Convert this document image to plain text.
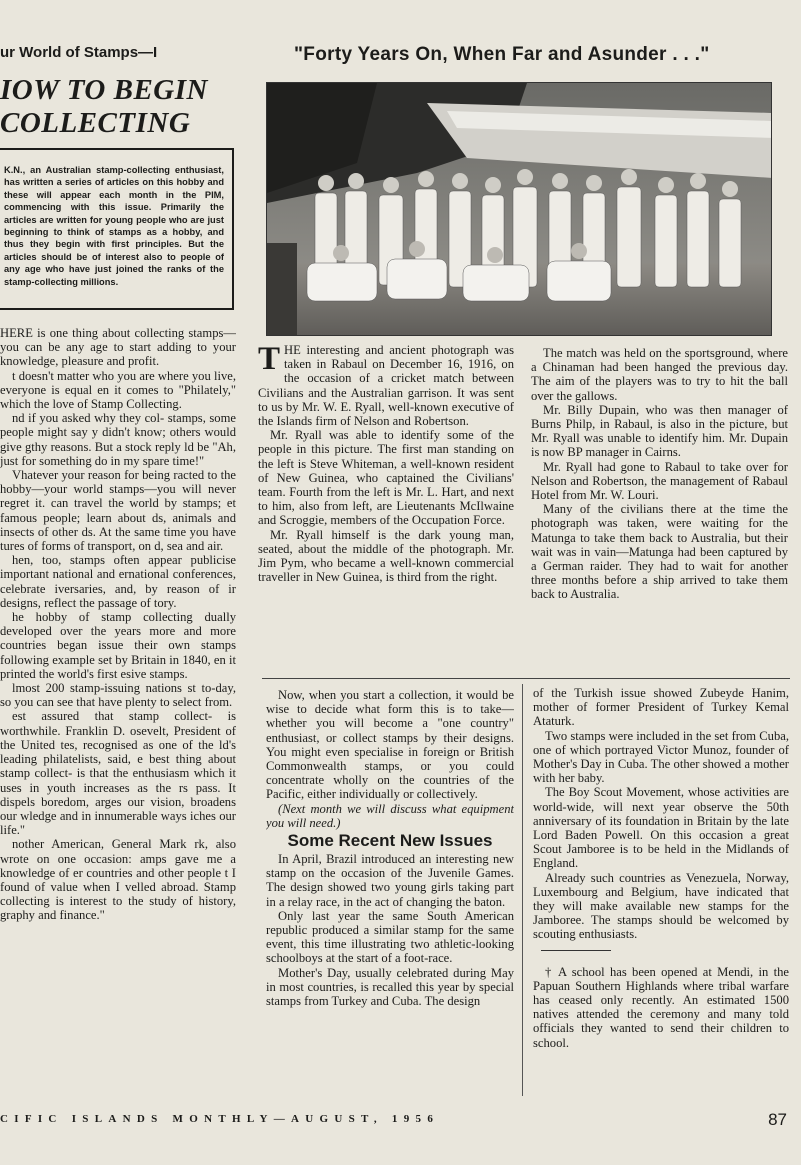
ur World of Stamps—I	"Forty Years On, When Far and Asunder . . ."
IOW TO BEGIN
COLLECTING
K.N., an Australian stamp-collecting enthusiast, has written a series of articles on this hobby and these will appear each month in the PIM, commencing with this issue. Primarily the articles are written for young people who are just beginning to think of stamps as a hobby, and thus they begin with first principles. But the articles should be of interest also to people of any age who have just joined the ranks of the stamp-collecting millions.

HERE is one thing about collecting stamps—you can be any age to start adding to your knowledge, pleasure and profit.

t doesn't matter who you are where you live, everyone is equal en it comes to "Philately," which the love of Stamp Collecting.

nd if you asked why they col- stamps, some people might say y didn't know; others would give gthy reasons. But a stock reply ld be "Ah, just for something do in my spare time!"

Vhatever your reason for being racted to the hobby—your world stamps—you will never regret it. can travel the world by stamps; et famous people; learn about ds, animals and insects of other ds. At the same time you have tures of forms of transport, on d, sea and air.

hen, too, stamps often appear publicise important national and ernational conferences, celebrate iversaries, and, by reason of ir designs, reflect the passage of tory.

he hobby of stamp collecting dually developed over the years more and more countries began issue their own stamps following example set by Britain in 1840, en it printed the world's first esive stamps.

lmost 200 stamp-issuing nations st to-day, so you can see that have plenty to select from.

est assured that stamp collect- is worthwhile. Franklin D. osevelt, President of the United tes, recognised as one of the ld's leading philatelists, said, e best thing about stamp collect- is that the enthusiasm which it uses in youth increases as the rs pass. It dispels boredom, arges our vision, broadens our wledge and in innumerable ways iches our life."

nother American, General Mark rk, also wrote on one occasion: amps gave me a knowledge of er countries and other people t I found of value when I velled abroad. Stamp collecting is interest to the study of history, graphy and finance."

T HE interesting and ancient photograph was taken in Rabaul on December 16, 1916, on the occasion of a cricket match between Civilians and the Australian garrison. It was sent to us by Mr. W. E. Ryall, well-known executive of the Islands firm of Nelson and Robertson.

Mr. Ryall was able to identify some of the people in this picture. The first man standing on the left is Steve Whiteman, a well-known resident of New Guinea, who captained the Civilians' team. Fourth from the left is Mr. L. Hart, and next to him, also from left, are Lieutenants McIlwaine and Scroggie, members of the Occupation Force.

Mr. Ryall himself is the dark young man, seated, about the middle of the photograph. Mr. Jim Pym, who became a well-known commercial traveller in New Guinea, is third from the right.

The match was held on the sportsground, where a Chinaman had been hanged the previous day. The aim of the players was to try to hit the ball over the gallows.

Mr. Billy Dupain, who was then manager of Burns Philp, in Rabaul, is also in the picture, but Mr. Ryall was unable to identify him. Mr. Dupain is now BP manager in Cairns.

Mr. Ryall had gone to Rabaul to take over for Nelson and Robertson, the management of Rabaul Hotel from Mr. W. Louri.

Many of the civilians there at the time the photograph was taken, were waiting for the Matunga to take them back to Australia, but their wait was in vain—Matunga had been captured by a German raider. They had to wait for another three months before a ship arrived to take them back to Australia.

Now, when you start a collection, it would be wise to decide what form this is to take—whether you will become a "one country" enthusiast, or collect stamps by their designs. You might even specialise in foreign or British Commonwealth stamps, or you could concentrate wholly on the countries of the Pacific, either individually or collectively.

(Next month we will discuss what equipment you will need.)

Some Recent New Issues

In April, Brazil introduced an interesting new stamp on the occasion of the Juvenile Games. The design showed two young girls taking part in a relay race, in the act of changing the baton.

Only last year the same South American republic produced a similar stamp for the same event, this time illustrating two athletic-looking schoolboys at the start of a foot-race.

Mother's Day, usually celebrated during May in most countries, is recalled this year by special stamps from Turkey and Cuba. The design

of the Turkish issue showed Zubeyde Hanim, mother of former President of Turkey Kemal Ataturk.

Two stamps were included in the set from Cuba, one of which portrayed Victor Munoz, founder of Mother's Day in Cuba. The other showed a mother with her baby.

The Boy Scout Movement, whose activities are world-wide, will next year observe the 50th anniversary of its foundation in Britain by the late Lord Baden Powell. On this occasion a great Scout Jamboree is to be held in the Midlands of England.

Already such countries as Venezuela, Norway, Luxembourg and Belgium, have indicated that they will make available new stamps for the Jamboree. The stamps should be welcomed by scouting enthusiasts.

† A school has been opened at Mendi, in the Papuan Southern Highlands where tribal warfare has ceased only recently. An estimated 1500 natives attended the ceremony and many told officials they wanted to send their children to school.

CIFIC ISLANDS MONTHLY—AUGUST, 1956	87
